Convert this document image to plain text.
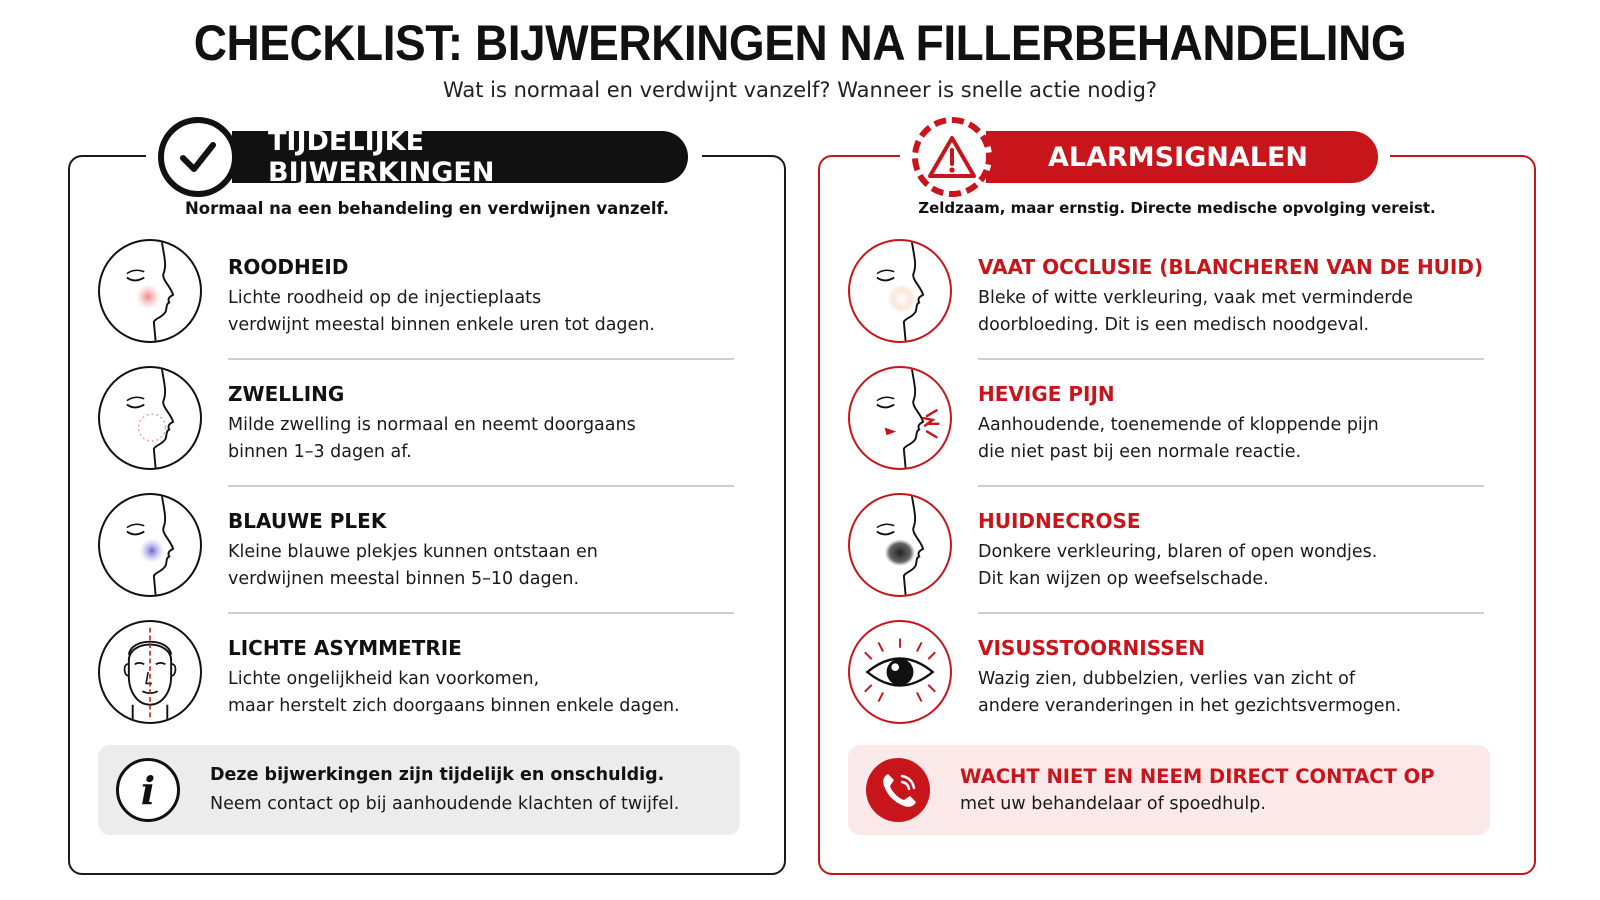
CHECKLIST: BIJWERKINGEN NA FILLERBEHANDELING
Wat is normaal en verdwijnt vanzelf? Wanneer is snelle actie nodig?
TIJDELIJKE BIJWERKINGEN
Normaal na een behandeling en verdwijnen vanzelf.
ROODHEID
Lichte roodheid op de injectieplaats
verdwijnt meestal binnen enkele uren tot dagen.
ZWELLING
Milde zwelling is normaal en neemt doorgaans
binnen 1–3 dagen af.
BLAUWE PLEK
Kleine blauwe plekjes kunnen ontstaan en
verdwijnen meestal binnen 5–10 dagen.
LICHTE ASYMMETRIE
Lichte ongelijkheid kan voorkomen,
maar herstelt zich doorgaans binnen enkele dagen.
i	Deze bijwerkingen zijn tijdelijk en onschuldig.
Neem contact op bij aanhoudende klachten of twijfel.
ALARMSIGNALEN
Zeldzaam, maar ernstig. Directe medische opvolging vereist.
VAAT OCCLUSIE (BLANCHEREN VAN DE HUID)
Bleke of witte verkleuring, vaak met verminderde
doorbloeding. Dit is een medisch noodgeval.
HEVIGE PIJN
Aanhoudende, toenemende of kloppende pijn
die niet past bij een normale reactie.
HUIDNECROSE
Donkere verkleuring, blaren of open wondjes.
Dit kan wijzen op weefselschade.
VISUSSTOORNISSEN
Wazig zien, dubbelzien, verlies van zicht of
andere veranderingen in het gezichtsvermogen.
WACHT NIET EN NEEM DIRECT CONTACT OP
met uw behandelaar of spoedhulp.
